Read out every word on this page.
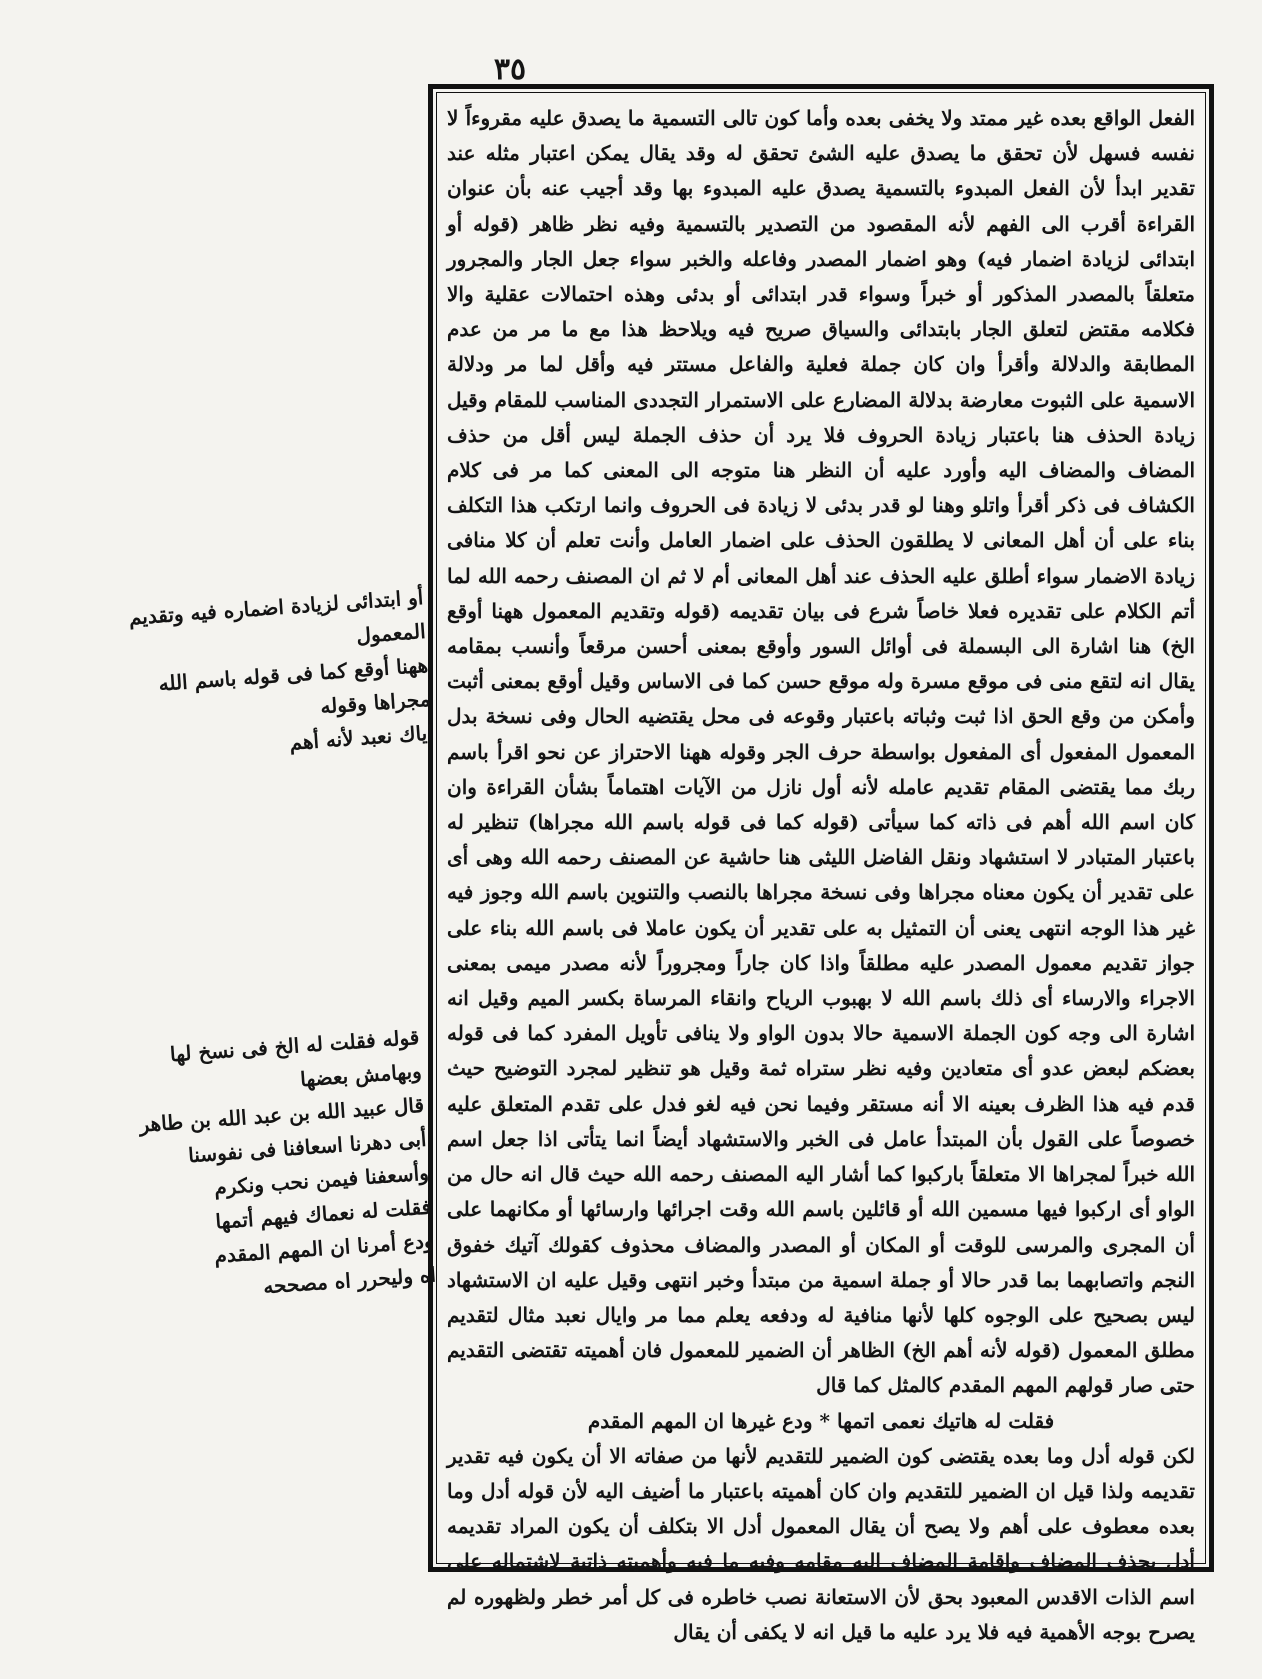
٣٥

الفعل الواقع بعده غير ممتد ولا يخفى بعده وأما كون تالى التسمية ما يصدق عليه مقروءاً لا نفسه فسهل لأن تحقق ما يصدق عليه الشئ تحقق له وقد يقال يمكن اعتبار مثله عند تقدير ابدأ لأن الفعل المبدوء بالتسمية يصدق عليه المبدوء بها وقد أجيب عنه بأن عنوان القراءة أقرب الى الفهم لأنه المقصود من التصدير بالتسمية وفيه نظر ظاهر (قوله أو ابتدائى لزيادة اضمار فيه) وهو اضمار المصدر وفاعله والخبر سواء جعل الجار والمجرور متعلقاً بالمصدر المذكور أو خبراً وسواء قدر ابتدائى أو بدئى وهذه احتمالات عقلية والا فكلامه مقتض لتعلق الجار بابتدائى والسياق صريح فيه ويلاحظ هذا مع ما مر من عدم المطابقة والدلالة وأقرأ وان كان جملة فعلية والفاعل مستتر فيه وأقل لما مر ودلالة الاسمية على الثبوت معارضة بدلالة المضارع على الاستمرار التجددى المناسب للمقام وقيل زيادة الحذف هنا باعتبار زيادة الحروف فلا يرد أن حذف الجملة ليس أقل من حذف المضاف والمضاف اليه وأورد عليه أن النظر هنا متوجه الى المعنى كما مر فى كلام الكشاف فى ذكر أقرأ واتلو وهنا لو قدر بدئى لا زيادة فى الحروف وانما ارتكب هذا التكلف بناء على أن أهل المعانى لا يطلقون الحذف على اضمار العامل وأنت تعلم أن كلا منافى زيادة الاضمار سواء أطلق عليه الحذف عند أهل المعانى أم لا ثم ان المصنف رحمه الله لما أتم الكلام على تقديره فعلا خاصاً شرع فى بيان تقديمه (قوله وتقديم المعمول ههنا أوقع الخ) هنا اشارة الى البسملة فى أوائل السور وأوقع بمعنى أحسن مرقعاً وأنسب بمقامه يقال انه لتقع منى فى موقع مسرة وله موقع حسن كما فى الاساس وقيل أوقع بمعنى أثبت وأمكن من وقع الحق اذا ثبت وثباته باعتبار وقوعه فى محل يقتضيه الحال وفى نسخة بدل المعمول المفعول أى المفعول بواسطة حرف الجر وقوله ههنا الاحتراز عن نحو اقرأ باسم ربك مما يقتضى المقام تقديم عامله لأنه أول نازل من الآيات اهتماماً بشأن القراءة وان كان اسم الله أهم فى ذاته كما سيأتى (قوله كما فى قوله باسم الله مجراها) تنظير له باعتبار المتبادر لا استشهاد ونقل الفاضل الليثى هنا حاشية عن المصنف رحمه الله وهى أى على تقدير أن يكون معناه مجراها وفى نسخة مجراها بالنصب والتنوين باسم الله وجوز فيه غير هذا الوجه انتهى يعنى أن التمثيل به على تقدير أن يكون عاملا فى باسم الله بناء على جواز تقديم معمول المصدر عليه مطلقاً واذا كان جاراً ومجروراً لأنه مصدر ميمى بمعنى الاجراء والارساء أى ذلك باسم الله لا بهبوب الرياح وانقاء المرساة بكسر الميم وقيل انه اشارة الى وجه كون الجملة الاسمية حالا بدون الواو ولا ينافى تأويل المفرد كما فى قوله بعضكم لبعض عدو أى متعادين وفيه نظر ستراه ثمة وقيل هو تنظير لمجرد التوضيح حيث قدم فيه هذا الظرف بعينه الا أنه مستقر وفيما نحن فيه لغو فدل على تقدم المتعلق عليه خصوصاً على القول بأن المبتدأ عامل فى الخبر والاستشهاد أيضاً انما يتأتى اذا جعل اسم الله خبراً لمجراها الا متعلقاً باركبوا كما أشار اليه المصنف رحمه الله حيث قال انه حال من الواو أى اركبوا فيها مسمين الله أو قائلين باسم الله وقت اجرائها وارسائها أو مكانهما على أن المجرى والمرسى للوقت أو المكان أو المصدر والمضاف محذوف كقولك آتيك خفوق النجم واتصابهما بما قدر حالا أو جملة اسمية من مبتدأ وخبر انتهى وقيل عليه ان الاستشهاد ليس بصحيح على الوجوه كلها لأنها منافية له ودفعه يعلم مما مر وايال نعبد مثال لتقديم مطلق المعمول (قوله لأنه أهم الخ) الظاهر أن الضمير للمعمول فان أهميته تقتضى التقديم حتى صار قولهم المهم المقدم كالمثل كما قال

فقلت له هاتيك نعمى اتمها * ودع غيرها ان المهم المقدم

لكن قوله أدل وما بعده يقتضى كون الضمير للتقديم لأنها من صفاته الا أن يكون فيه تقدير تقديمه ولذا قيل ان الضمير للتقديم وان كان أهميته باعتبار ما أضيف اليه لأن قوله أدل وما بعده معطوف على أهم ولا يصح أن يقال المعمول أدل الا بتكلف أن يكون المراد تقديمه أدل بحذف المضاف واقامة المضاف اليه مقامه وفيه ما فيه وأهميته ذاتية لاشتماله على اسم الذات الاقدس المعبود بحق لأن الاستعانة نصب خاطره فى كل أمر خطر ولظهوره لم يصرح بوجه الأهمية فيه فلا يرد عليه ما قيل انه لا يكفى أن يقال

أو ابتدائى لزيادة اضماره فيه وتقديم المعمول

ههنا أوقع كما فى قوله باسم الله مجراها وقوله

اياك نعبد لأنه أهم

قوله فقلت له الخ فى نسخ لها وبهامش بعضها

قال عبيد الله بن عبد الله بن طاهر

أبى دهرنا اسعافنا فى نفوسنا

وأسعفنا فيمن نحب ونكرم

فقلت له نعماك فيهم أتمها

ودع أمرنا ان المهم المقدم

اه وليحرر اه مصححه
